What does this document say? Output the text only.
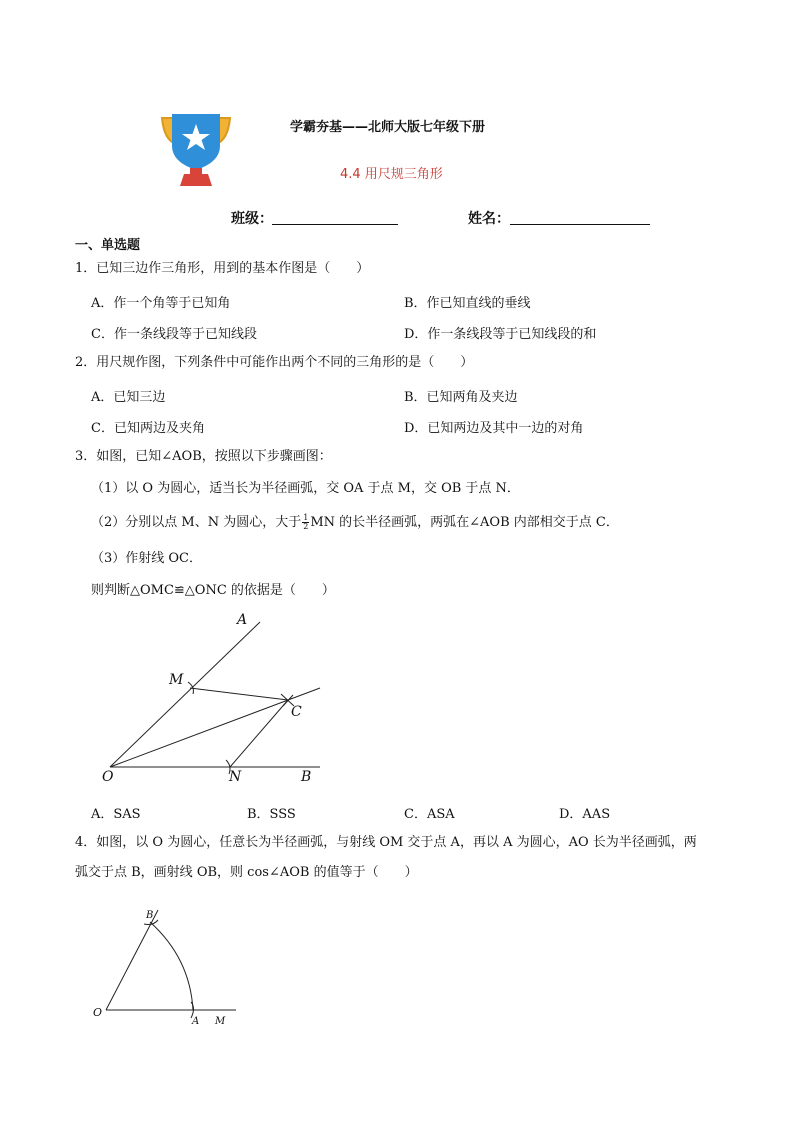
学霸夯基——北师大版七年级下册
4.4 用尺规三角形
班级：	姓名：
一、单选题
1．已知三边作三角形，用到的基本作图是（　　）
A．作一个角等于已知角	B．作已知直线的垂线
C．作一条线段等于已知线段	D．作一条线段等于已知线段的和
2．用尺规作图，下列条件中可能作出两个不同的三角形的是（　　）
A．已知三边	B．已知两角及夹边
C．已知两边及夹角	D．已知两边及其中一边的对角
3．如图，已知∠AOB，按照以下步骤画图：
（1）以 O 为圆心，适当长为半径画弧，交 OA 于点 M，交 OB 于点 N．
（2）分别以点 M、N 为圆心，大于 $\frac{1}{2}$ MN 的长半径画弧，两弧在∠AOB 内部相交于点 C．
（3）作射线 OC．
则判断△OMC≌△ONC 的依据是（　　）
A
M
C
O	N	B
A．SAS	B．SSS	C．ASA	D．AAS
4．如图，以 O 为圆心，任意长为半径画弧，与射线 OM 交于点 A，再以 A 为圆心，AO 长为半径画弧，两
弧交于点 B，画射线 OB，则 cos∠AOB 的值等于（　　）
B
O
A M
